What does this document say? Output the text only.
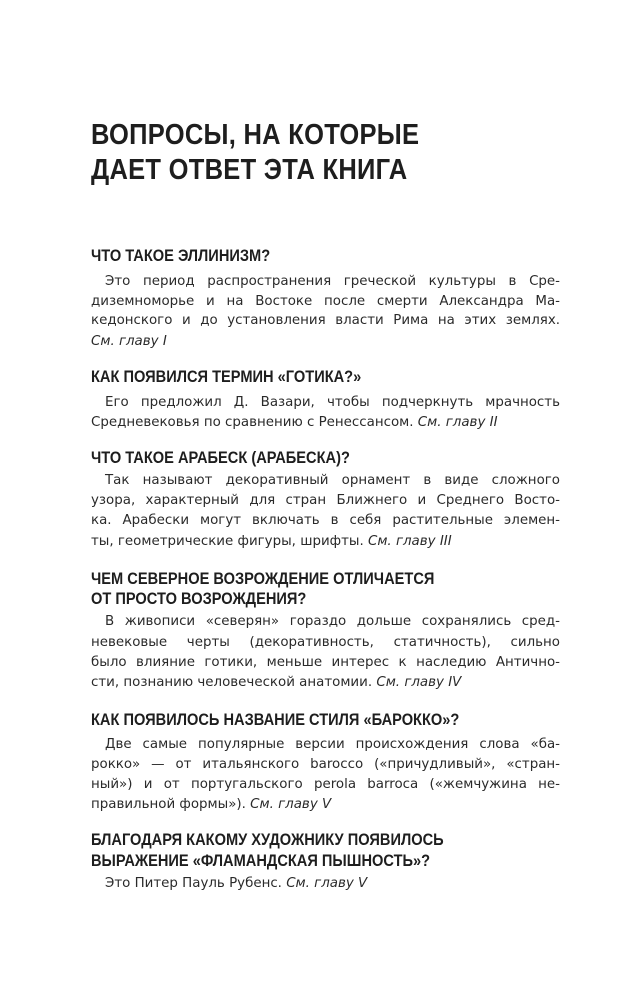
ВОПРОСЫ, НА КОТОРЫЕ
ДАЕТ ОТВЕТ ЭТА КНИГА
ЧТО ТАКОЕ ЭЛЛИНИЗМ?
Это период распространения греческой культуры в Сре-
диземноморье и на Востоке после смерти Александра Ма-
кедонского и до установления власти Рима на этих землях.
См. главу I
КАК ПОЯВИЛСЯ ТЕРМИН «ГОТИКА?»
Его предложил Д. Вазари, чтобы подчеркнуть мрачность
Средневековья по сравнению с Ренессансом. См. главу II
ЧТО ТАКОЕ АРАБЕСК (АРАБЕСКА)?
Так называют декоративный орнамент в виде сложного
узора, характерный для стран Ближнего и Среднего Восто-
ка. Арабески могут включать в себя растительные элемен-
ты, геометрические фигуры, шрифты. См. главу III
ЧЕМ СЕВЕРНОЕ ВОЗРОЖДЕНИЕ ОТЛИЧАЕТСЯ
ОТ ПРОСТО ВОЗРОЖДЕНИЯ?
В живописи «северян» гораздо дольше сохранялись сред-
невековые черты (декоративность, статичность), сильно
было влияние готики, меньше интерес к наследию Антично-
сти, познанию человеческой анатомии. См. главу IV
КАК ПОЯВИЛОСЬ НАЗВАНИЕ СТИЛЯ «БАРОККО»?
Две самые популярные версии происхождения слова «ба-
рокко» — от итальянского barocco («причудливый», «стран-
ный») и от португальского perola barroca («жемчужина не-
правильной формы»). См. главу V
БЛАГОДАРЯ КАКОМУ ХУДОЖНИКУ ПОЯВИЛОСЬ
ВЫРАЖЕНИЕ «ФЛАМАНДСКАЯ ПЫШНОСТЬ»?
Это Питер Пауль Рубенс. См. главу V
